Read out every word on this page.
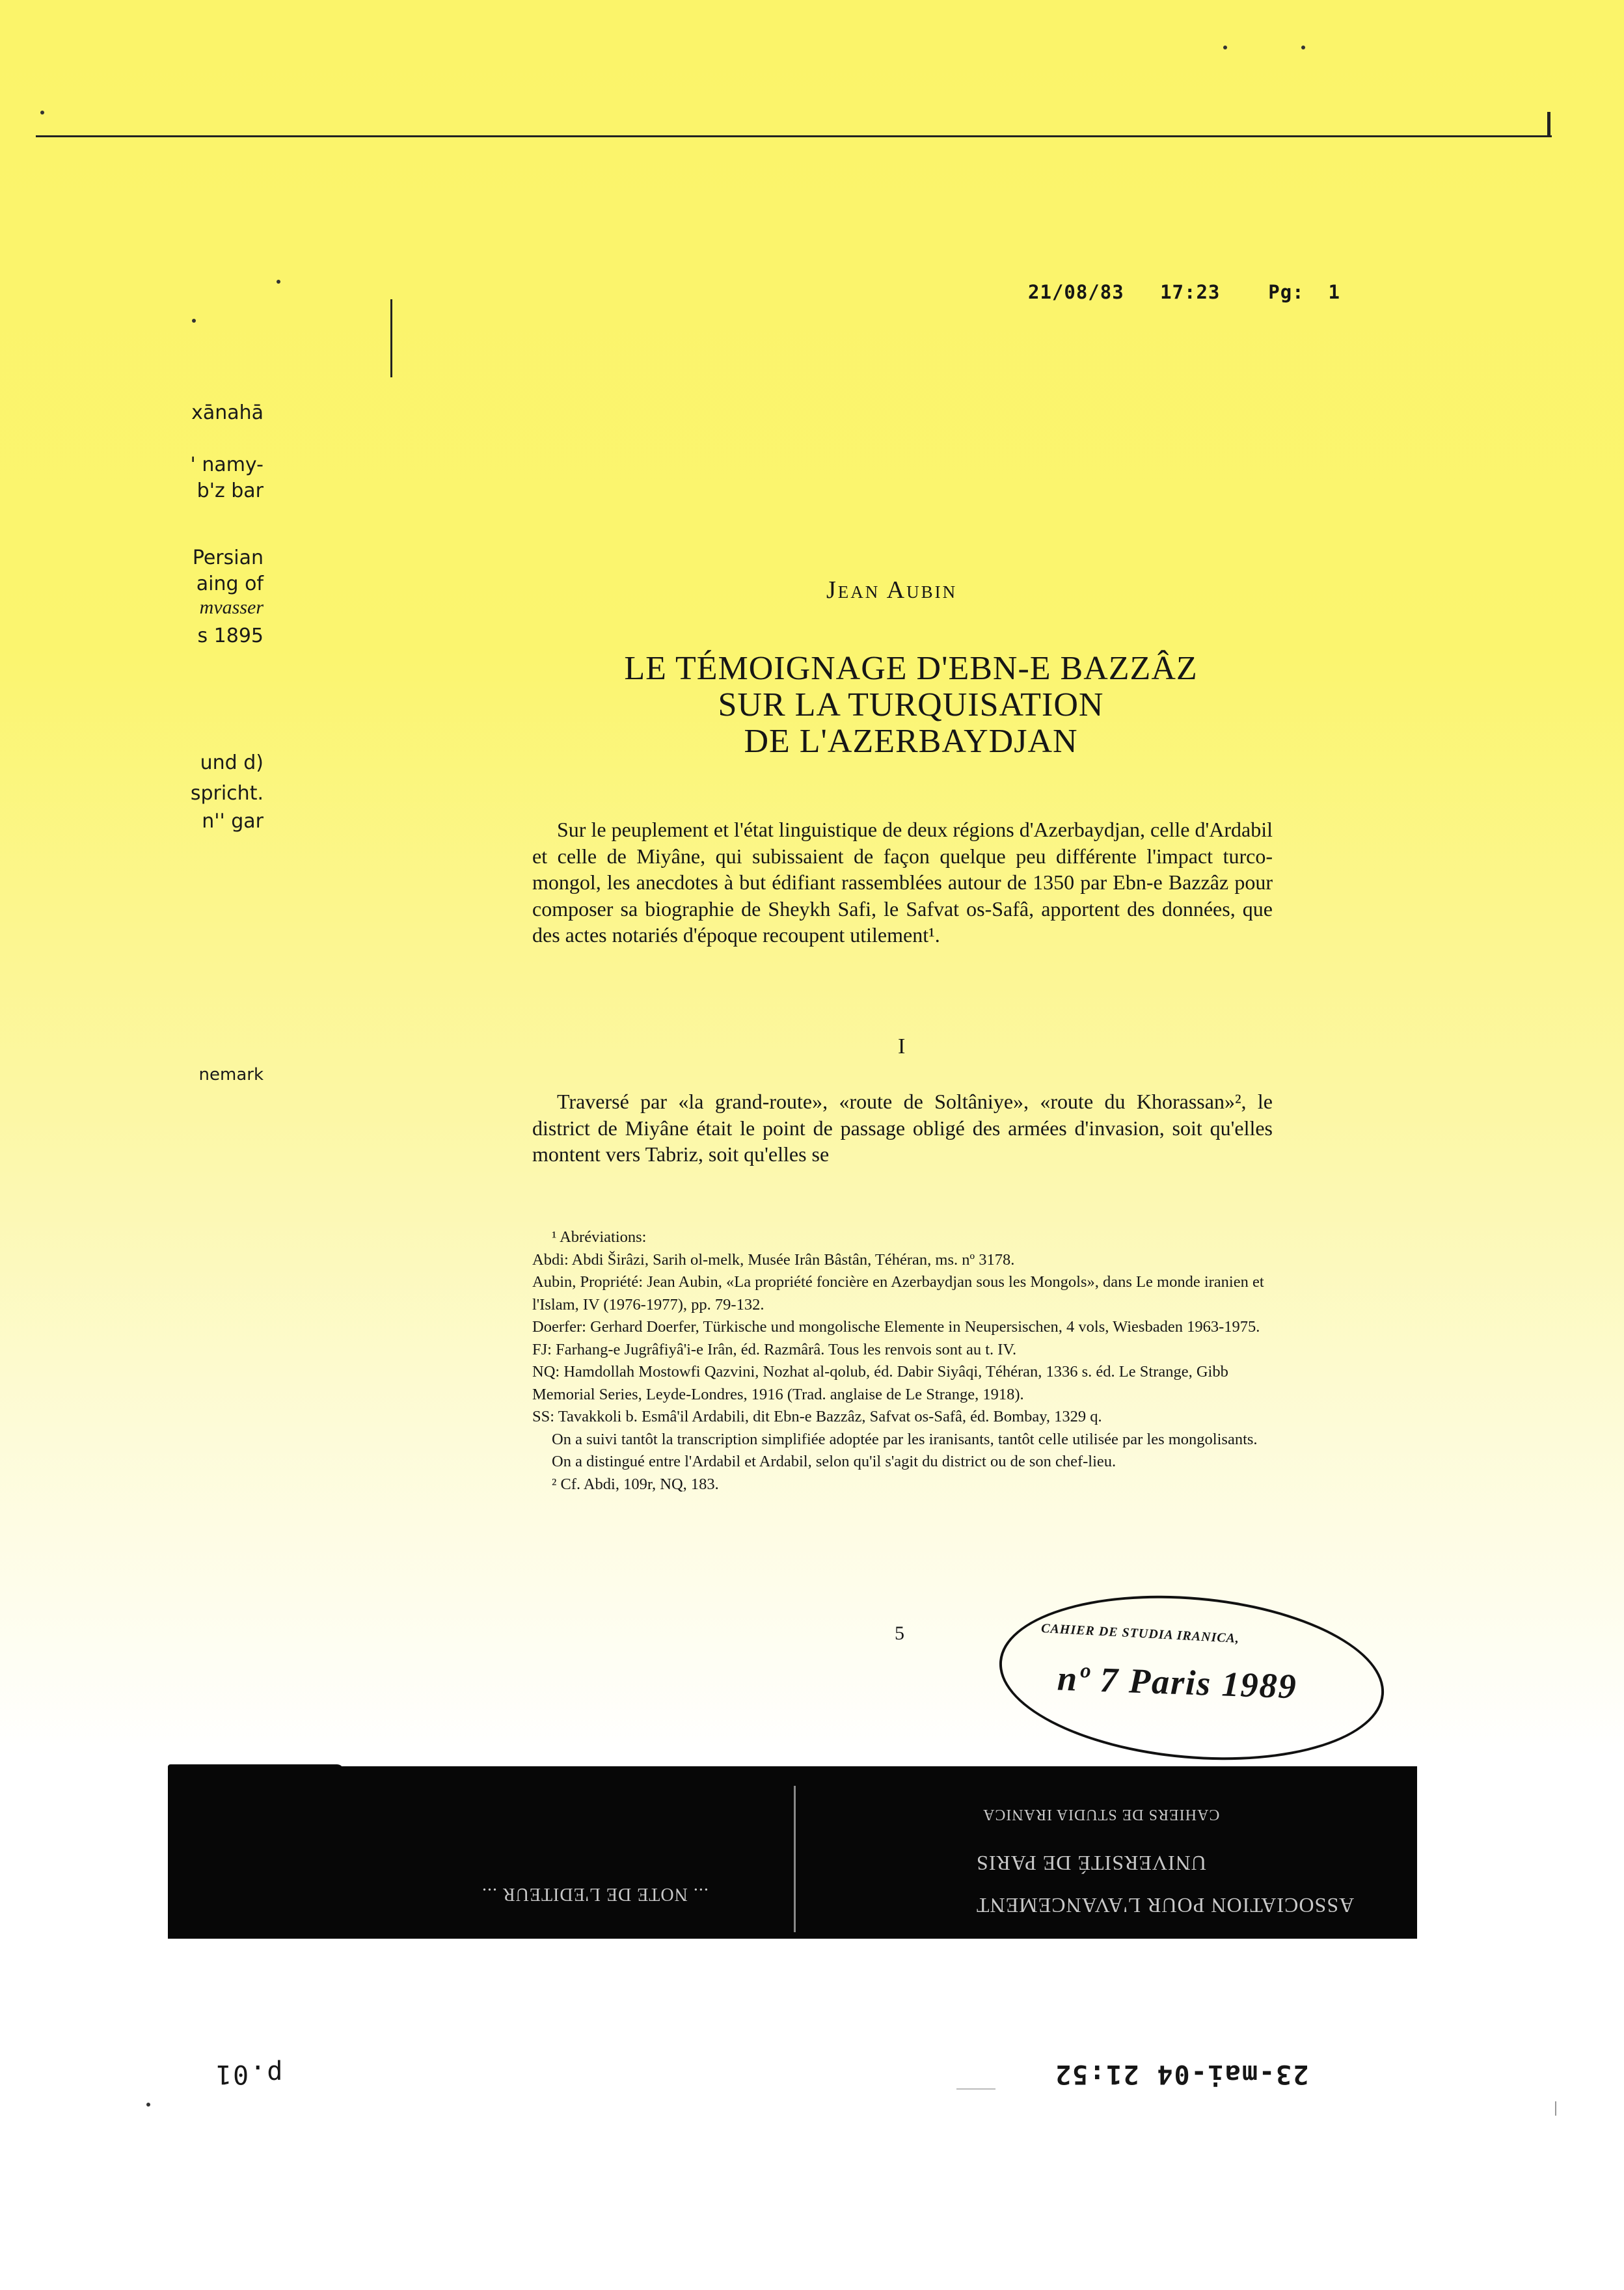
21/08/83 17:23	Pg: 1
xānahā
' namy-
b'z bar
Persian
aing of
mvasser
s 1895
und d)
spricht.
n'' gar
nemark
Jean Aubin
LE TÉMOIGNAGE D'EBN-E BAZZÂZ
SUR LA TURQUISATION
DE L'AZERBAYDJAN
Sur le peuplement et l'état linguistique de deux régions d'Azerbaydjan, celle d'Ardabil et celle de Miyâne, qui subissaient de façon quelque peu différente l'impact turco-mongol, les anecdotes à but édifiant rassemblées autour de 1350 par Ebn-e Bazzâz pour composer sa biographie de Sheykh Safi, le Safvat os-Safâ, apportent des données, que des actes notariés d'époque recoupent utilement¹.
I
Traversé par «la grand-route», «route de Soltâniye», «route du Khorassan»², le district de Miyâne était le point de passage obligé des armées d'invasion, soit qu'elles montent vers Tabriz, soit qu'elles se
¹ Abréviations:
Abdi: Abdi Širâzi, Sarih ol-melk, Musée Irân Bâstân, Téhéran, ms. nº 3178.
Aubin, Propriété: Jean Aubin, «La propriété foncière en Azerbaydjan sous les Mongols», dans Le monde iranien et l'Islam, IV (1976-1977), pp. 79-132.
Doerfer: Gerhard Doerfer, Türkische und mongolische Elemente in Neupersischen, 4 vols, Wiesbaden 1963-1975.
FJ: Farhang-e Jugrâfiyâ'i-e Irân, éd. Razmârâ. Tous les renvois sont au t. IV.
NQ: Hamdollah Mostowfi Qazvini, Nozhat al-qolub, éd. Dabir Siyâqi, Téhéran, 1336 s. éd. Le Strange, Gibb Memorial Series, Leyde-Londres, 1916 (Trad. anglaise de Le Strange, 1918).
SS: Tavakkoli b. Esmâ'il Ardabili, dit Ebn-e Bazzâz, Safvat os-Safâ, éd. Bombay, 1329 q.
On a suivi tantôt la transcription simplifiée adoptée par les iranisants, tantôt celle utilisée par les mongolisants.
On a distingué entre l'Ardabil et Ardabil, selon qu'il s'agit du district ou de son chef-lieu.
² Cf. Abdi, 109r, NQ, 183.
5	CAHIER DE STUDIA IRANICA,
nº 7 Paris 1989
... NOTE DE L'EDITEUR ...
CAHIERS DE STUDIA IRANICA
UNIVERSITÉ DE PARIS
ASSOCIATION POUR L'AVANCEMENT
23-mai-04 21:52
p.01
